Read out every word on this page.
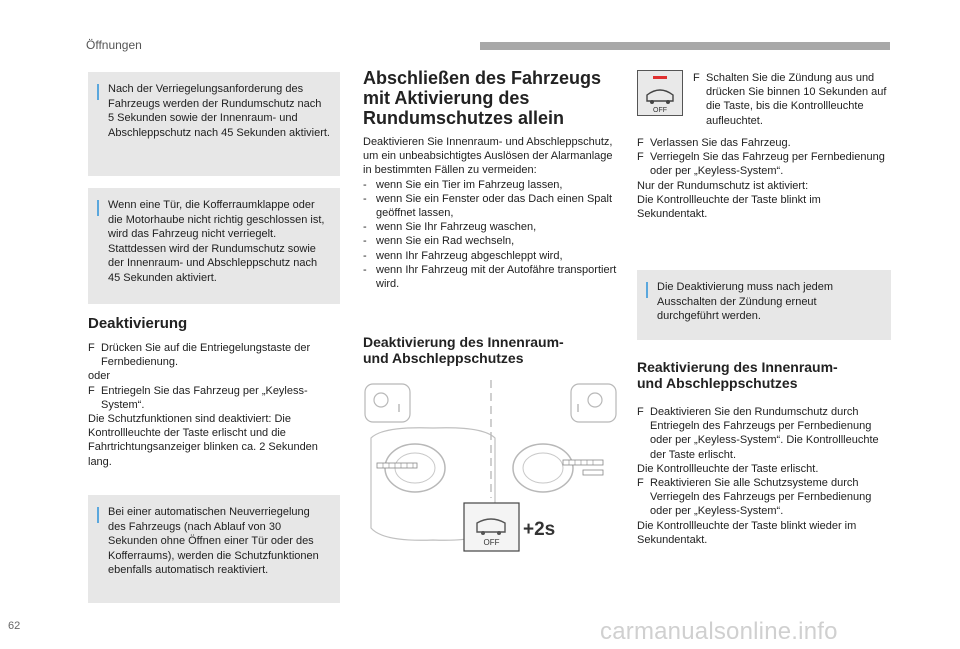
Öffnungen
Nach der Verriegelungsanforderung des Fahrzeugs werden der Rundumschutz nach 5 Sekunden sowie der Innenraum- und Abschleppschutz nach 45 Sekunden aktiviert.
Wenn eine Tür, die Kofferraumklappe oder die Motorhaube nicht richtig geschlossen ist, wird das Fahrzeug nicht verriegelt. Stattdessen wird der Rundumschutz sowie der Innenraum- und Abschleppschutz nach 45 Sekunden aktiviert.
Deaktivierung
F Drücken Sie auf die Entriegelungstaste der Fernbedienung.
oder
F Entriegeln Sie das Fahrzeug per „Keyless-System“.
Die Schutzfunktionen sind deaktiviert: Die Kontrollleuchte der Taste erlischt und die Fahrtrichtungsanzeiger blinken ca. 2 Sekunden lang.
Bei einer automatischen Neuverriegelung des Fahrzeugs (nach Ablauf von 30 Sekunden ohne Öffnen einer Tür oder des Kofferraums), werden die Schutzfunktionen ebenfalls automatisch reaktiviert.
Abschließen des Fahrzeugs
mit Aktivierung des
Rundumschutzes allein
Deaktivieren Sie Innenraum- und Abschleppschutz, um ein unbeabsichtigtes Auslösen der Alarmanlage in bestimmten Fällen zu vermeiden:
- wenn Sie ein Tier im Fahrzeug lassen,
- wenn Sie ein Fenster oder das Dach einen Spalt geöffnet lassen,
- wenn Sie Ihr Fahrzeug waschen,
- wenn Sie ein Rad wechseln,
- wenn Ihr Fahrzeug abgeschleppt wird,
- wenn Ihr Fahrzeug mit der Autofähre transportiert wird.
Deaktivierung des Innenraum-
und Abschleppschutzes
OFF
+2s
OFF
F Schalten Sie die Zündung aus und drücken Sie binnen 10 Sekunden auf die Taste, bis die Kontrollleuchte aufleuchtet.
F Verlassen Sie das Fahrzeug.
F Verriegeln Sie das Fahrzeug per Fernbedienung oder per „Keyless-System“.
Nur der Rundumschutz ist aktiviert:
Die Kontrollleuchte der Taste blinkt im Sekundentakt.
Die Deaktivierung muss nach jedem Ausschalten der Zündung erneut durchgeführt werden.
Reaktivierung des Innenraum-
und Abschleppschutzes
F Deaktivieren Sie den Rundumschutz durch Entriegeln des Fahrzeugs per Fernbedienung oder per „Keyless-System“. Die Kontrollleuchte der Taste erlischt.
Die Kontrollleuchte der Taste erlischt.
F Reaktivieren Sie alle Schutzsysteme durch Verriegeln des Fahrzeugs per Fernbedienung oder per „Keyless-System“.
Die Kontrollleuchte der Taste blinkt wieder im Sekundentakt.
62	carmanualsonline.info
